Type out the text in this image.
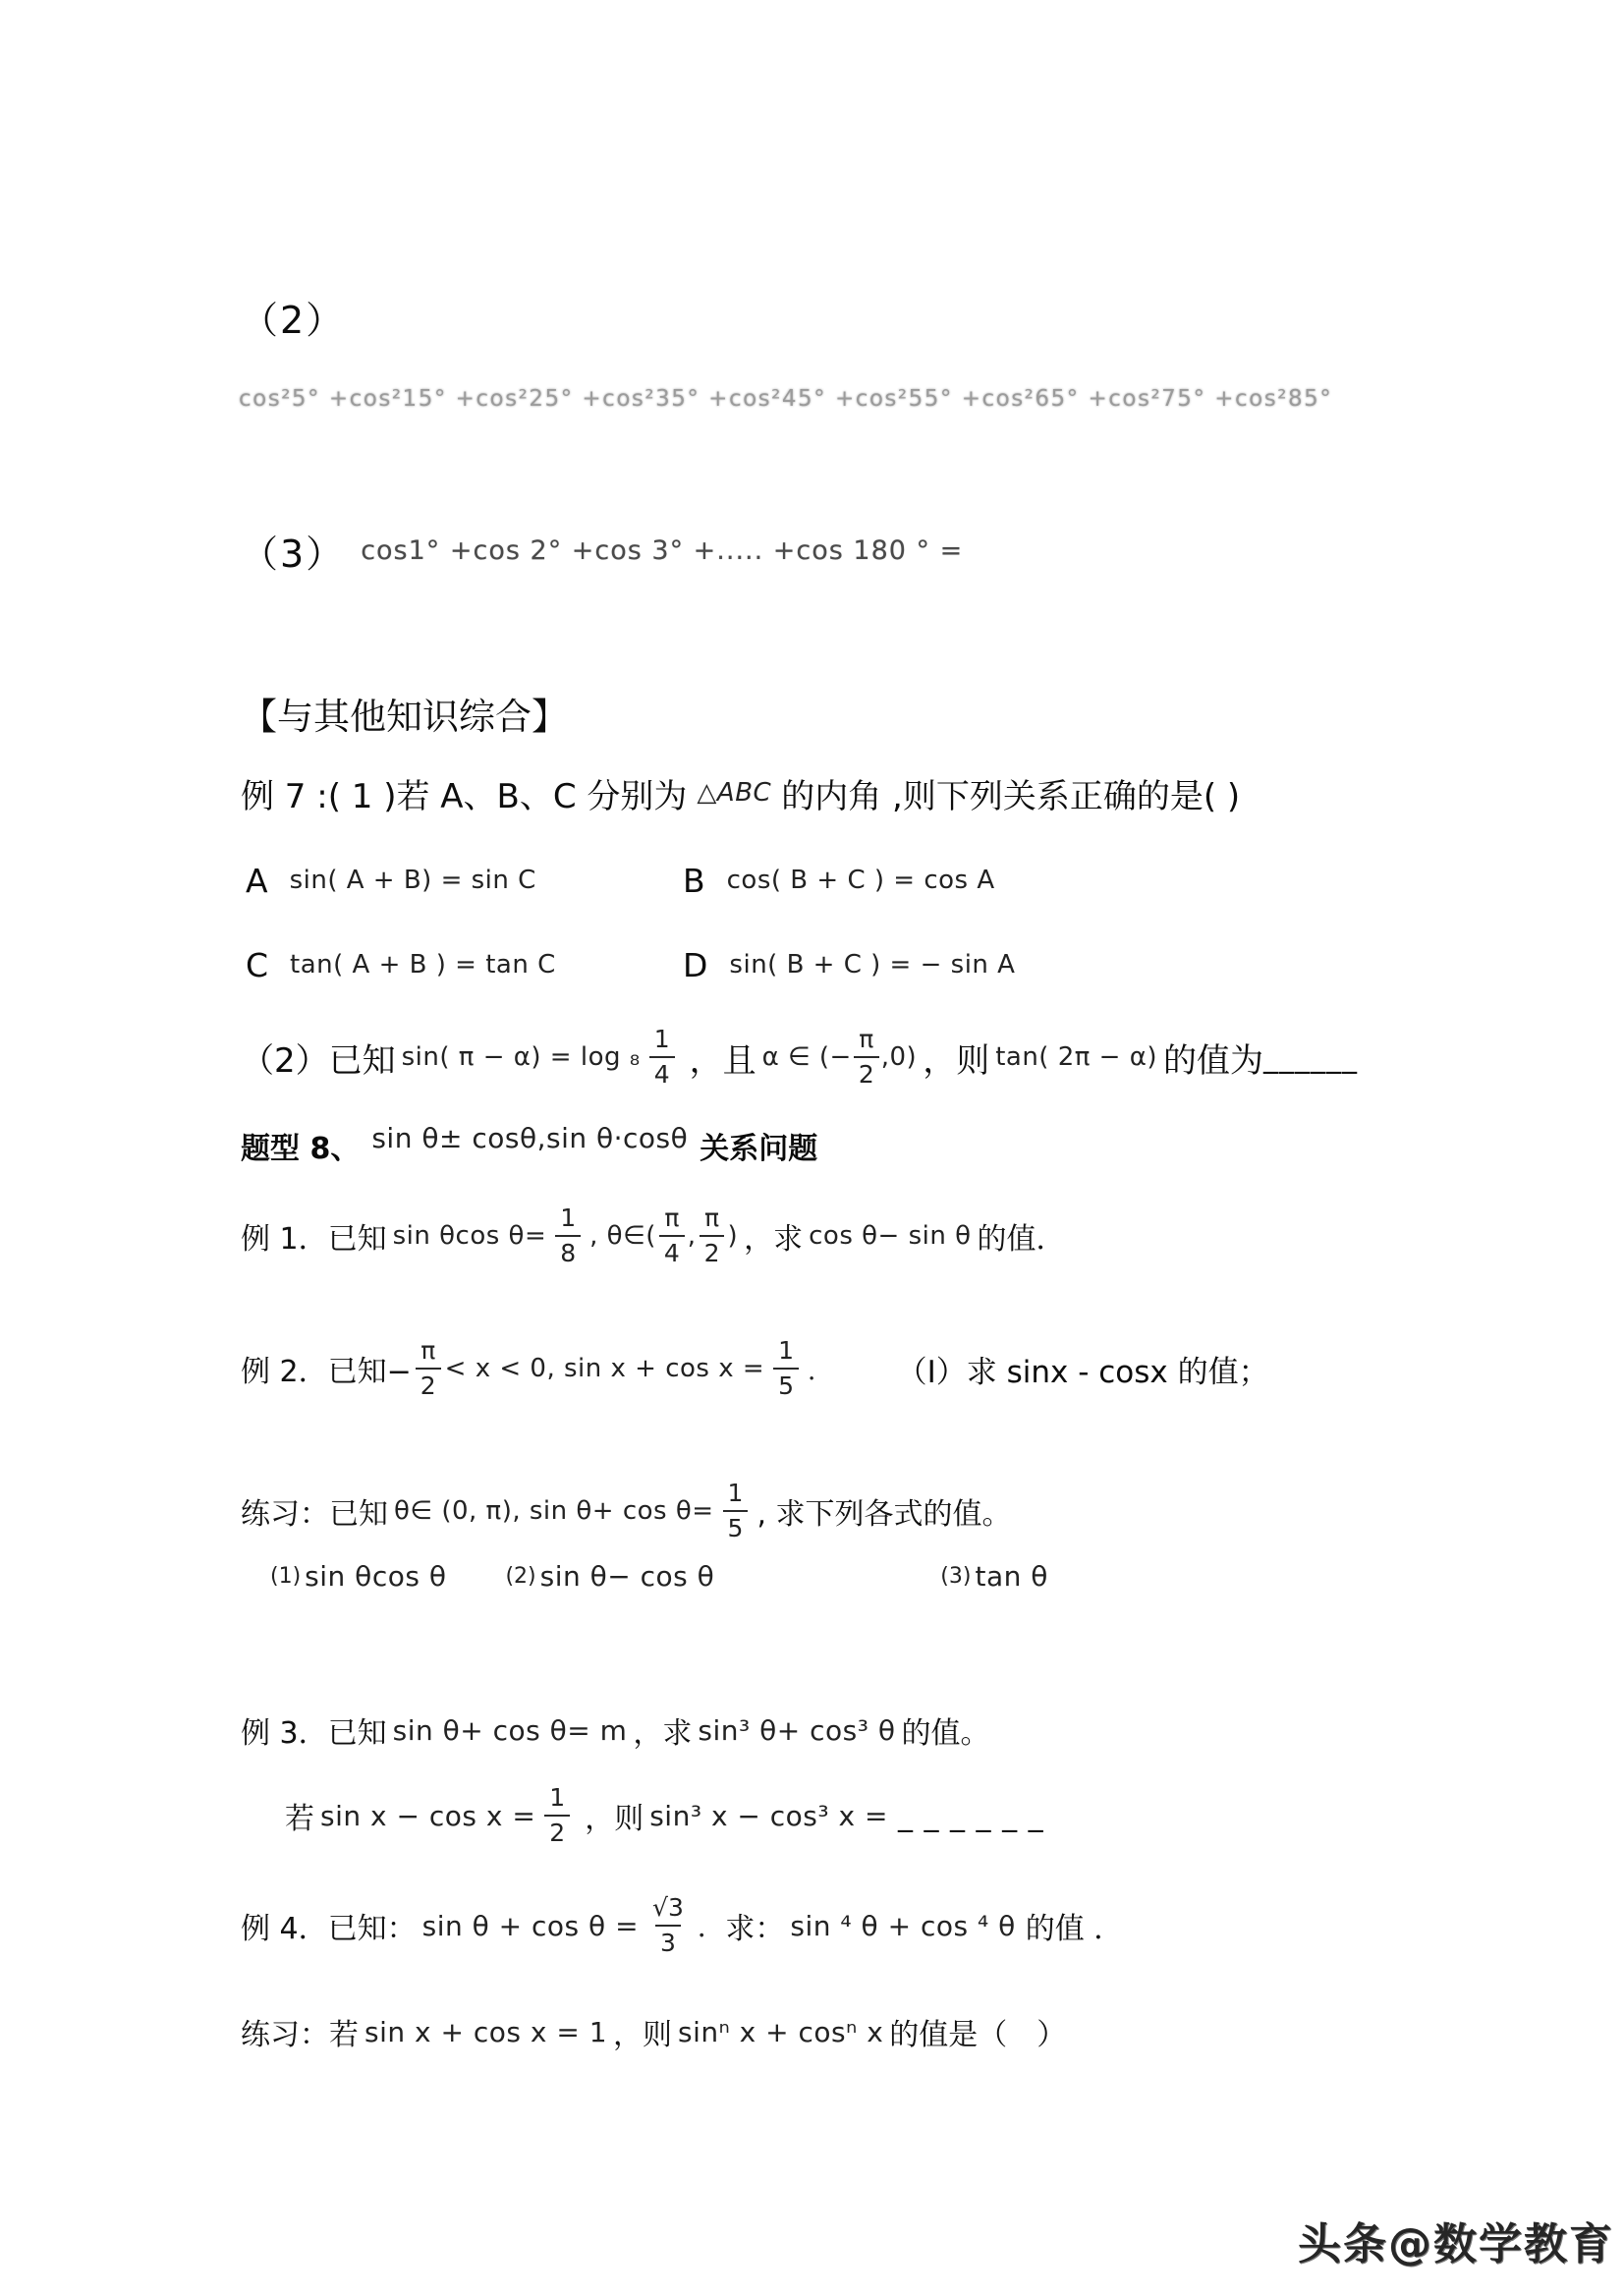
（2）
cos²5° +cos²15° +cos²25° +cos²35° +cos²45° +cos²55° +cos²65° +cos²75° +cos²85°
（3） cos1° +cos 2° +cos 3° +..... +cos 180 ° =
【与其他知识综合】
例 7 :( 1 )若 A、B、C 分别为 △ABC 的内角 ,则下列关系正确的是( )
A sin( A + B) = sin C	B cos( B + C ) = cos A
C tan( A + B ) = tan C	D sin( B + C ) = − sin A
（2）已知 sin( $\pi - \alpha) = \log _8 \frac{1}{4}$ ，且 α ∈ (− $\frac{\pi}{2} ,0$) ，则 tan( 2π − α) 的值为 ______
题型 8、 sin θ± cosθ,sin θ·cosθ 关系问题
例 1．已知 sin θcos $\theta= \frac{1}{8}$ , θ∈( $\frac{\pi}{4}$ , $\frac{\pi}{2}$ ) ，求 cos θ− sin θ 的值．
例 2．已知− $\frac{\pi}{2} < x < 0$, $\sin x + \cos x = \frac{1}{5}$ ． （I）求 sinx - cosx 的值；
练习：已知 θ∈ (0, π), $\sin \theta+ \cos \theta= \frac{1}{5}$ , 求下列各式的值。
(1) sin θcos θ	(2) sin θ− cos θ	(3) tan θ
例 3．已知 sin θ+ cos θ= m ，求 sin³ θ+ cos³ θ 的值。
若 $\sin x - \cos x = \frac{1}{2}$ ，则 sin³ x − cos³ x = _ _ _ _ _ _
例 4．已知： $\sin \theta + \cos \theta = \frac{√3}{3}$ ． 求： sin ⁴ θ + cos ⁴ θ 的值 ．
练习：若 sin x + cos x = 1 ，则 sinⁿ x + cosⁿ x 的值是（　）
头条@数学教育
